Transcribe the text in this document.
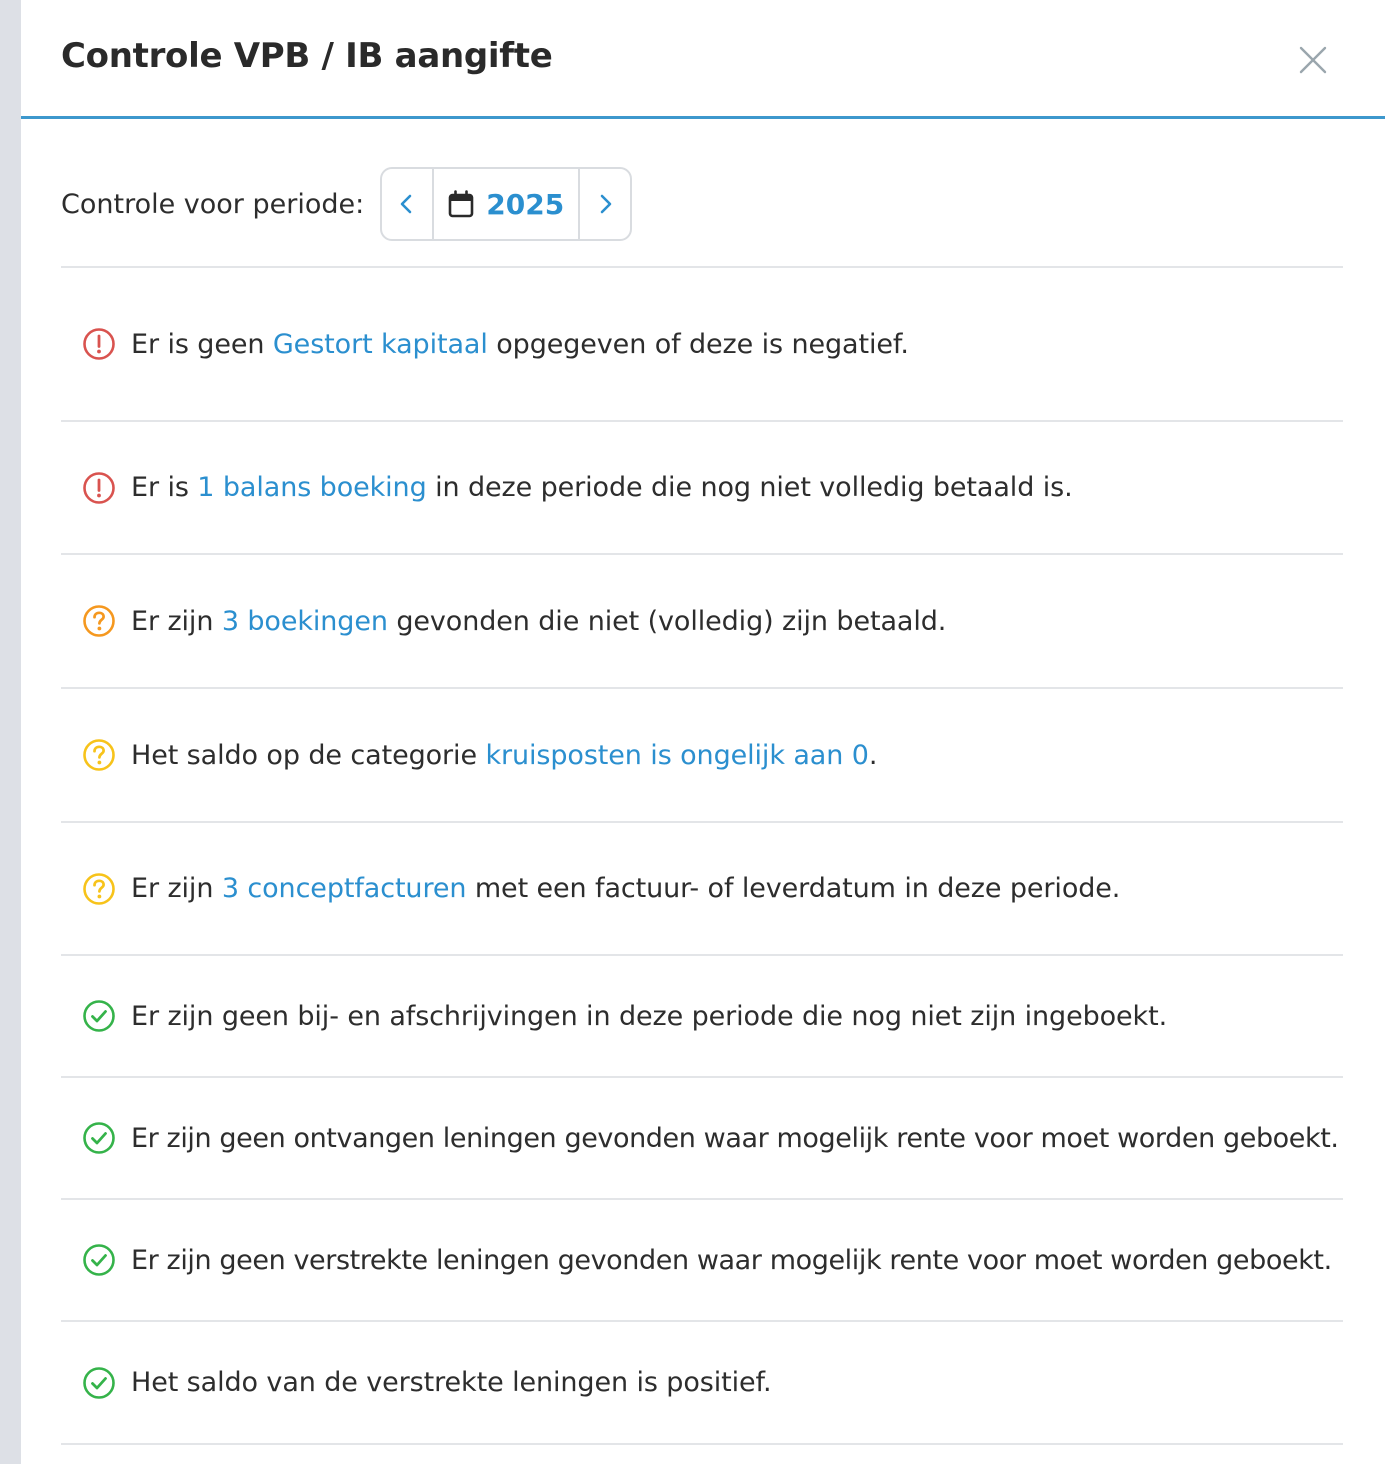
Controle VPB / IB aangifte
Controle voor periode:	2025
Er is geen Gestort kapitaal opgegeven of deze is negatief.
Er is 1 balans boeking in deze periode die nog niet volledig betaald is.
Er zijn 3 boekingen gevonden die niet (volledig) zijn betaald.
Het saldo op de categorie kruisposten is ongelijk aan 0.
Er zijn 3 conceptfacturen met een factuur- of leverdatum in deze periode.
Er zijn geen bij- en afschrijvingen in deze periode die nog niet zijn ingeboekt.
Er zijn geen ontvangen leningen gevonden waar mogelijk rente voor moet worden geboekt.
Er zijn geen verstrekte leningen gevonden waar mogelijk rente voor moet worden geboekt.
Het saldo van de verstrekte leningen is positief.
